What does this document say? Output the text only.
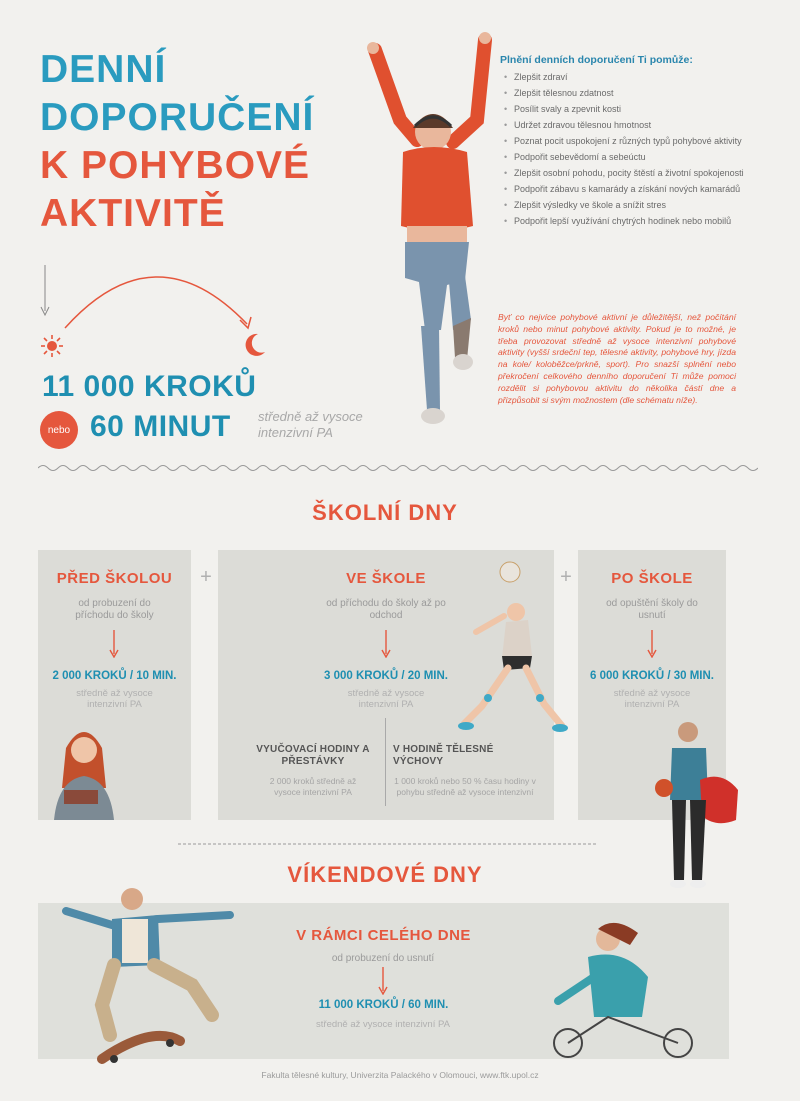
DENNÍ
DOPORUČENÍ
K POHYBOVÉ
AKTIVITĚ
11 000 KROKŮ
nebo 60 MINUT středně až vysoce intenzivní PA
Plnění denních doporučení Ti pomůže:
• Zlepšit zdraví
• Zlepšit tělesnou zdatnost
• Posílit svaly a zpevnit kosti
• Udržet zdravou tělesnou hmotnost
• Poznat pocit uspokojení z různých typů pohybové aktivity
• Podpořit sebevědomí a sebeúctu
• Zlepšit osobní pohodu, pocity štěstí a životní spokojenosti
• Podpořit zábavu s kamarády a získání nových kamarádů
• Zlepšit výsledky ve škole a snížit stres
• Podpořit lepší využívání chytrých hodinek nebo mobilů
Byť co nejvíce pohybové aktivní je důležitější, než počítání kroků nebo minut pohybové aktivity. Pokud je to možné, je třeba provozovat středně až vysoce intenzivní pohybové aktivity (vyšší srdeční tep, tělesné aktivity, pohybové hry, jízda na kole/ koloběžce/prkně, sport). Pro snazší splnění nebo překročení celkového denního doporučení Ti může pomoci rozdělit si pohybovou aktivitu do několika částí dne a přizpůsobit si svým možnostem (dle schématu níže).
ŠKOLNÍ DNY
PŘED ŠKOLOU
od probuzení do příchodu do školy
2 000 KROKŮ / 10 MIN.
středně až vysoce intenzivní PA
+	VE ŠKOLE
od příchodu do školy až po odchod
3 000 KROKŮ / 20 MIN.
středně až vysoce intenzivní PA
VYUČOVACÍ HODINY A PŘESTÁVKY
2 000 kroků středně až vysoce intenzivní PA
V HODINĚ TĚLESNÉ VÝCHOVY
1 000 kroků nebo 50 % času hodiny v pohybu středně až vysoce intenzivní
+	PO ŠKOLE
od opuštění školy do usnutí
6 000 KROKŮ / 30 MIN.
středně až vysoce intenzivní PA
VÍKENDOVÉ DNY
V RÁMCI CELÉHO DNE
od probuzení do usnutí
11 000 KROKŮ / 60 MIN.
středně až vysoce intenzivní PA
Fakulta tělesné kultury, Univerzita Palackého v Olomouci, www.ftk.upol.cz
